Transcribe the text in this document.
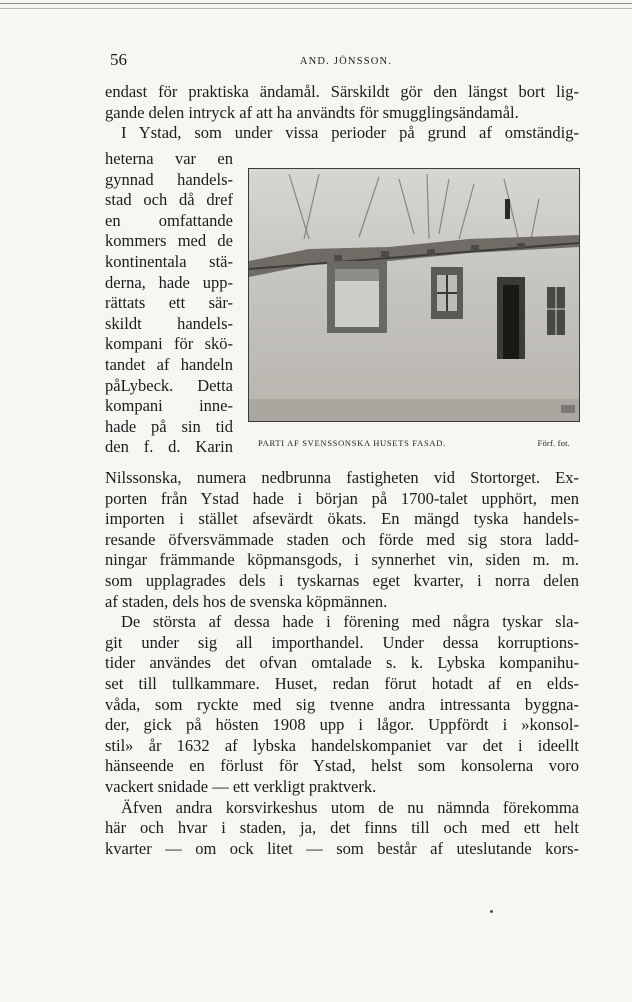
56	AND. JÖNSSON.
endast för praktiska ändamål. Särskildt gör den längst bort lig-
gande delen intryck af att ha användts för smugglingsändamål.
I Ystad, som under vissa perioder på grund af omständig-
heterna var en
gynnad handels-
stad och då dref
en omfattande
kommers med de
kontinentala stä-
derna, hade upp-
rättats ett sär-
skildt handels-
kompani för skö-
tandet af handeln
påLybeck. Detta
kompani inne-
hade på sin tid
den f. d. Karin	PARTI AF SVENSSONSKA HUSETS FASAD.	Förf. fot.
Nilssonska, numera nedbrunna fastigheten vid Stortorget. Ex-
porten från Ystad hade i början på 1700-talet upphört, men
importen i stället afsevärdt ökats. En mängd tyska handels-
resande öfversvämmade staden och förde med sig stora ladd-
ningar främmande köpmansgods, i synnerhet vin, siden m. m.
som upplagrades dels i tyskarnas eget kvarter, i norra delen
af staden, dels hos de svenska köpmännen.
De största af dessa hade i förening med några tyskar sla-
git under sig all importhandel. Under dessa korruptions-
tider användes det ofvan omtalade s. k. Lybska kompanihu-
set till tullkammare. Huset, redan förut hotadt af en elds-
våda, som ryckte med sig tvenne andra intressanta byggna-
der, gick på hösten 1908 upp i lågor. Uppfördt i »konsol-
stil» år 1632 af lybska handelskompaniet var det i ideellt
hänseende en förlust för Ystad, helst som konsolerna voro
vackert snidade — ett verkligt praktverk.
Äfven andra korsvirkeshus utom de nu nämnda förekomma
här och hvar i staden, ja, det finns till och med ett helt
kvarter — om ock litet — som består af uteslutande kors-
